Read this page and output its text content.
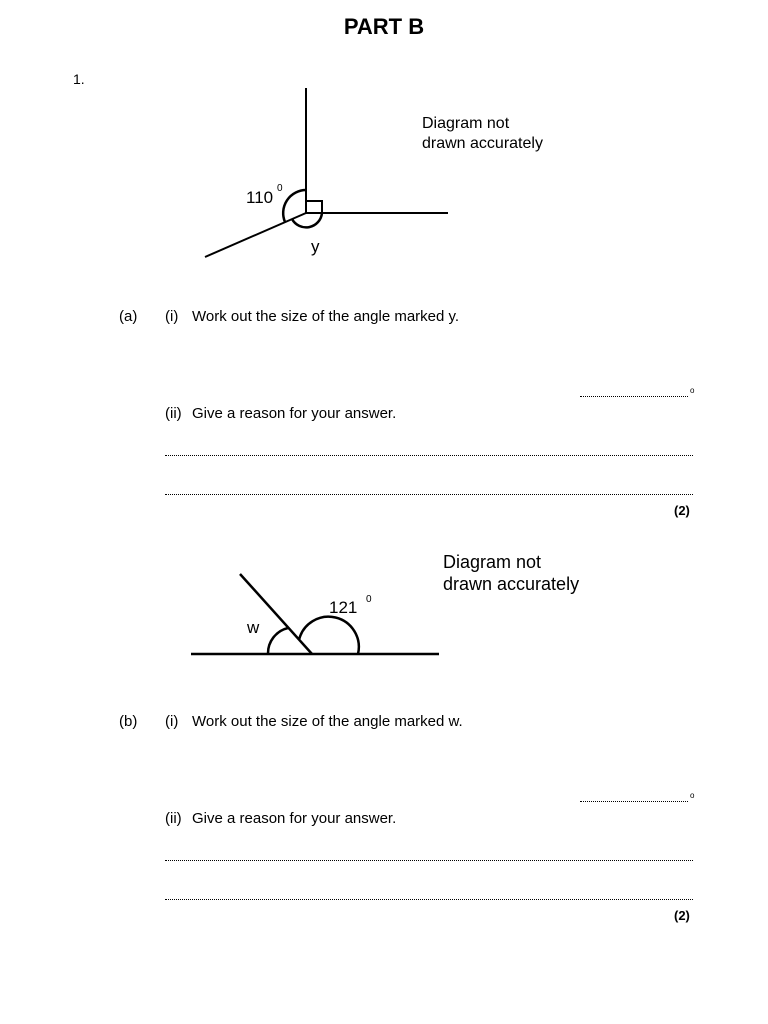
PART B
1.
110 0
y
Diagram not
drawn accurately
(a) (i) Work out the size of the angle marked y.
o
(ii) Give a reason for your answer.
(2)
121 0
w
Diagram not
drawn accurately
(b) (i) Work out the size of the angle marked w.
o
(ii) Give a reason for your answer.
(2)
